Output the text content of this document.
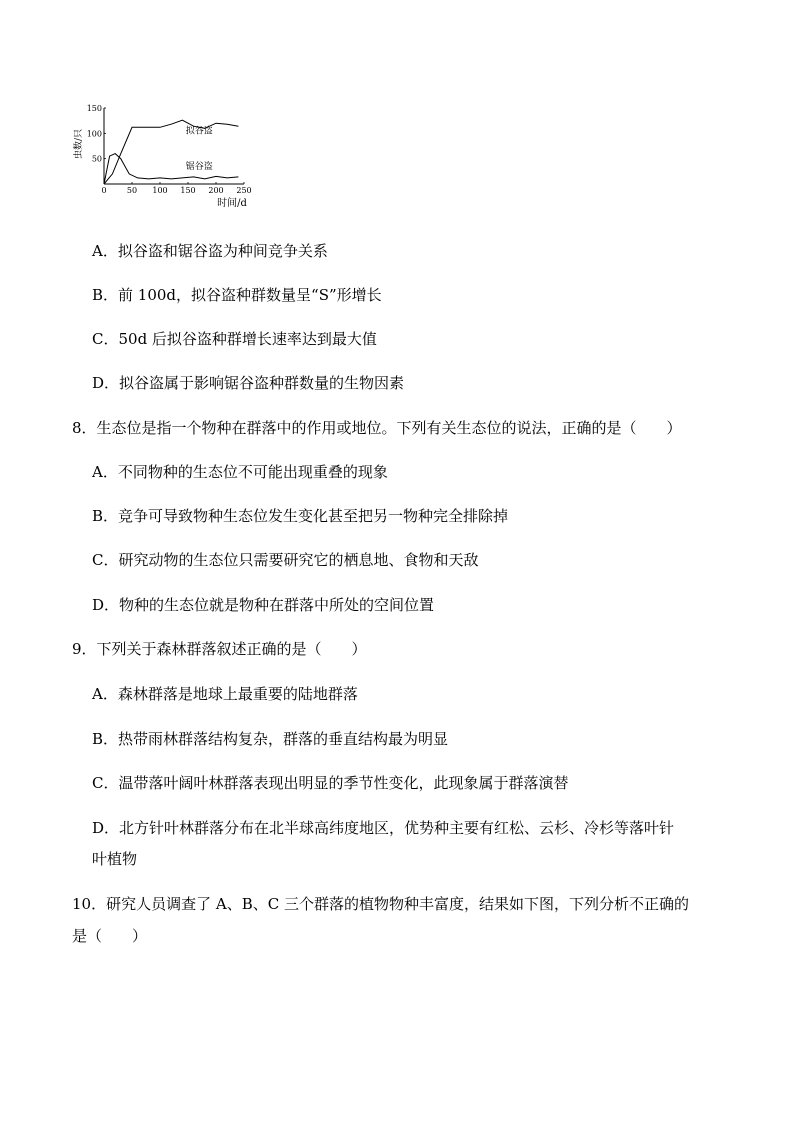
0	50 100 150 200 250
50
100
150
拟谷盗
锯谷盗
虫数/只
时间/d
A．拟谷盗和锯谷盗为种间竞争关系
B．前 100d，拟谷盗种群数量呈“S”形增长
C．50d 后拟谷盗种群增长速率达到最大值
D．拟谷盗属于影响锯谷盗种群数量的生物因素
8．生态位是指一个物种在群落中的作用或地位。下列有关生态位的说法，正确的是（　　）
A．不同物种的生态位不可能出现重叠的现象
B．竞争可导致物种生态位发生变化甚至把另一物种完全排除掉
C．研究动物的生态位只需要研究它的栖息地、食物和天敌
D．物种的生态位就是物种在群落中所处的空间位置
9．下列关于森林群落叙述正确的是（　　）
A．森林群落是地球上最重要的陆地群落
B．热带雨林群落结构复杂，群落的垂直结构最为明显
C．温带落叶阔叶林群落表现出明显的季节性变化，此现象属于群落演替
D．北方针叶林群落分布在北半球高纬度地区，优势种主要有红松、云杉、冷杉等落叶针
叶植物
10．研究人员调查了 A、B、C 三个群落的植物物种丰富度，结果如下图，下列分析不正确的
是（　　）
